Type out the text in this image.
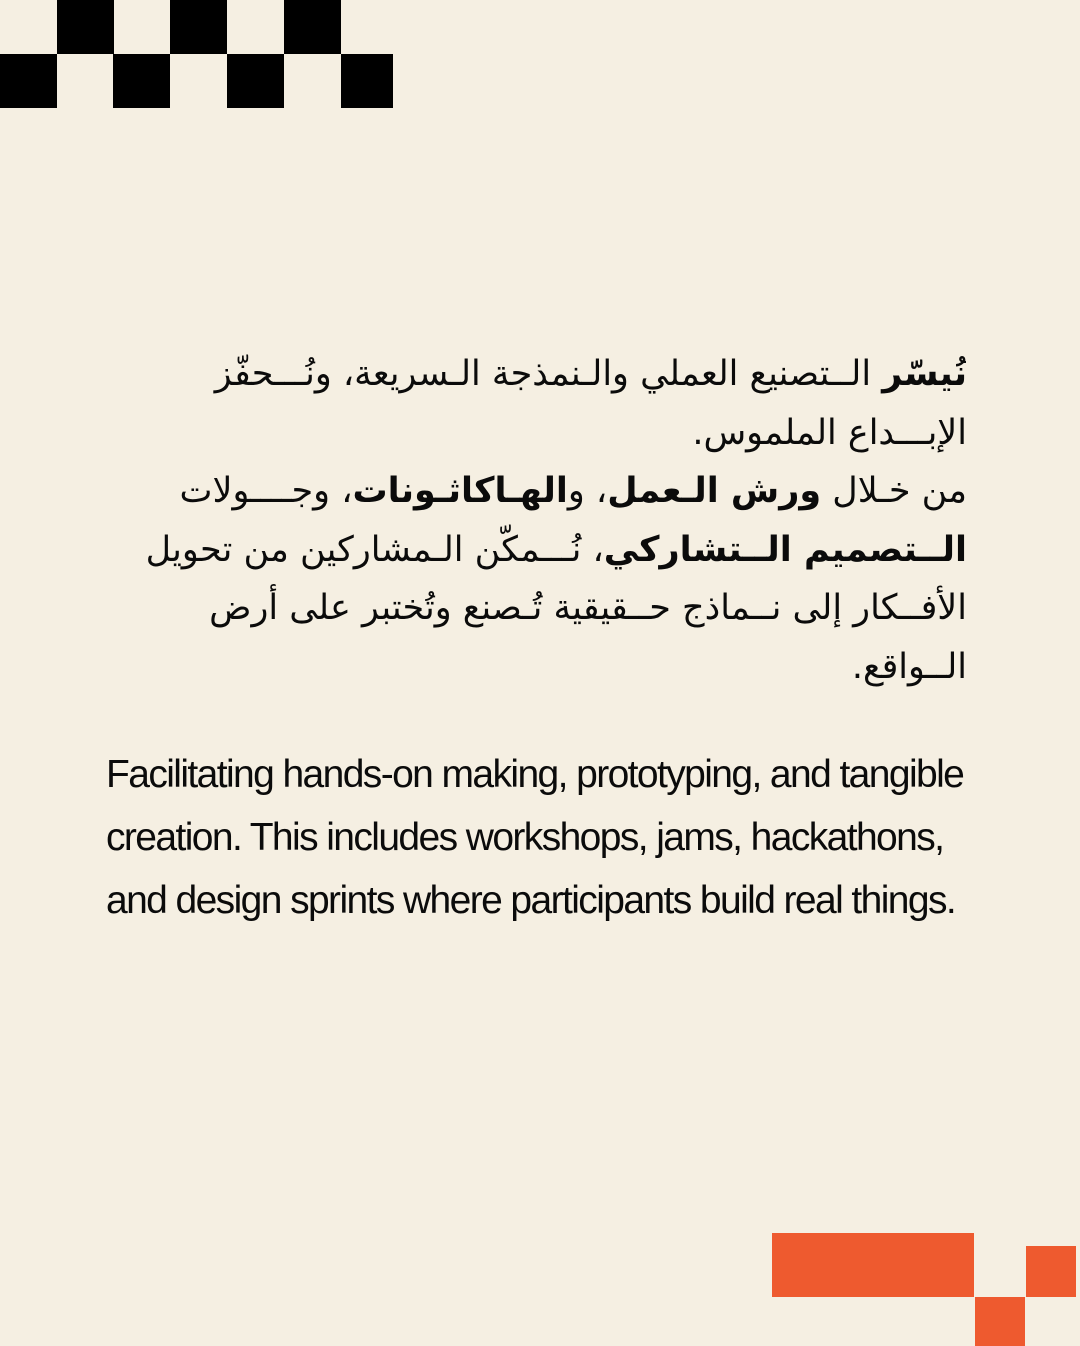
نُيسّر الــتصنيع العملي والـنمذجة الـسريعة، ونُـــحفّز الإبـــداع الملموس.

من خـلال ورش الـعمل، والهـاكاثـونات، وجــــولات الــتصميم الــتشاركي، نُـــمكّن الـمشاركين من تحويل الأفــكار إلى نــماذج حــقيقية تُـصنع وتُختبر على أرض الــواقع.

Facilitating hands-on making, prototyping, and tangible creation. This includes workshops, jams, hackathons, and design sprints where participants build real things.
